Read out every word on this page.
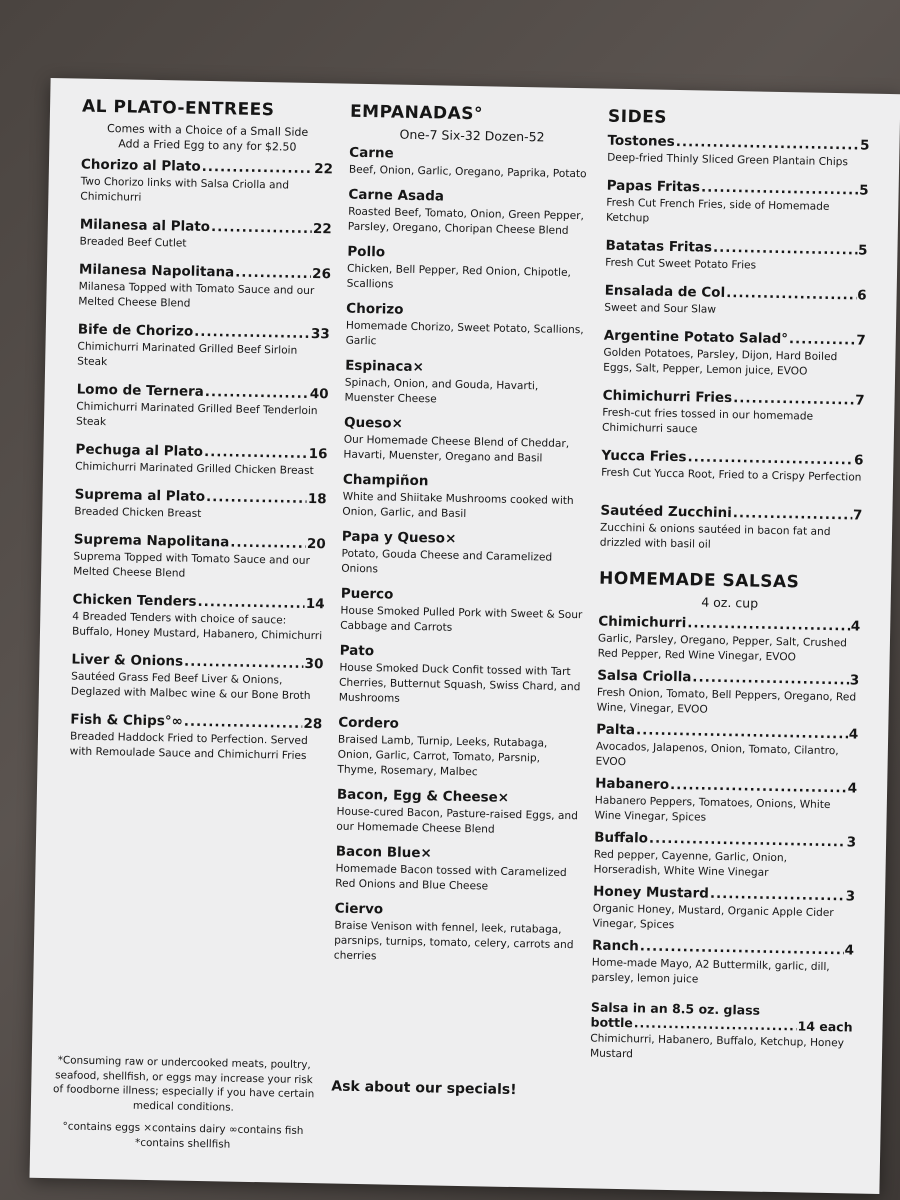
AL PLATO-ENTREES
Comes with a Choice of a Small Side
Add a Fried Egg to any for $2.50
Chorizo al Plato .....	22
Two Chorizo links with Salsa Criolla and Chimichurri
Milanesa al Plato .....	22
Breaded Beef Cutlet
Milanesa Napolitana .....	26
Milanesa Topped with Tomato Sauce and our Melted Cheese Blend
Bife de Chorizo .....	33
Chimichurri Marinated Grilled Beef Sirloin Steak
Lomo de Ternera .....	40
Chimichurri Marinated Grilled Beef Tenderloin Steak
Pechuga al Plato .....	16
Chimichurri Marinated Grilled Chicken Breast
Suprema al Plato .....	18
Breaded Chicken Breast
Suprema Napolitana .....	20
Suprema Topped with Tomato Sauce and our Melted Cheese Blend
Chicken Tenders .....	14
4 Breaded Tenders with choice of sauce: Buffalo, Honey Mustard, Habanero, Chimichurri
Liver & Onions .....	30
Sautéed Grass Fed Beef Liver & Onions, Deglazed with Malbec wine & our Bone Broth
Fish & Chips°∞ .....	28
Breaded Haddock Fried to Perfection. Served with Remoulade Sauce and Chimichurri Fries
EMPANADAS°
One-7 Six-32 Dozen-52
Carne
Beef, Onion, Garlic, Oregano, Paprika, Potato
Carne Asada
Roasted Beef, Tomato, Onion, Green Pepper, Parsley, Oregano, Choripan Cheese Blend
Pollo
Chicken, Bell Pepper, Red Onion, Chipotle, Scallions
Chorizo
Homemade Chorizo, Sweet Potato, Scallions, Garlic
Espinaca×
Spinach, Onion, and Gouda, Havarti, Muenster Cheese
Queso×
Our Homemade Cheese Blend of Cheddar, Havarti, Muenster, Oregano and Basil
Champiñon
White and Shiitake Mushrooms cooked with Onion, Garlic, and Basil
Papa y Queso×
Potato, Gouda Cheese and Caramelized Onions
Puerco
House Smoked Pulled Pork with Sweet & Sour Cabbage and Carrots
Pato
House Smoked Duck Confit tossed with Tart Cherries, Butternut Squash, Swiss Chard, and Mushrooms
Cordero
Braised Lamb, Turnip, Leeks, Rutabaga, Onion, Garlic, Carrot, Tomato, Parsnip, Thyme, Rosemary, Malbec
Bacon, Egg & Cheese×
House-cured Bacon, Pasture-raised Eggs, and our Homemade Cheese Blend
Bacon Blue×
Homemade Bacon tossed with Caramelized Red Onions and Blue Cheese
Ciervo
Braise Venison with fennel, leek, rutabaga, parsnips, turnips, tomato, celery, carrots and cherries
SIDES
Tostones .....	5
Deep-fried Thinly Sliced Green Plantain Chips
Papas Fritas .....	5
Fresh Cut French Fries, side of Homemade Ketchup
Batatas Fritas .....	5
Fresh Cut Sweet Potato Fries
Ensalada de Col .....	6
Sweet and Sour Slaw
Argentine Potato Salad° .....	7
Golden Potatoes, Parsley, Dijon, Hard Boiled Eggs, Salt, Pepper, Lemon juice, EVOO
Chimichurri Fries .....	7
Fresh-cut fries tossed in our homemade Chimichurri sauce
Yucca Fries .....	6
Fresh Cut Yucca Root, Fried to a Crispy Perfection
Sautéed Zucchini .....	7
Zucchini & onions sautéed in bacon fat and drizzled with basil oil
HOMEMADE SALSAS
4 oz. cup
Chimichurri .....	4
Garlic, Parsley, Oregano, Pepper, Salt, Crushed Red Pepper, Red Wine Vinegar, EVOO
Salsa Criolla .....	3
Fresh Onion, Tomato, Bell Peppers, Oregano, Red Wine, Vinegar, EVOO
Palta .....	4
Avocados, Jalapenos, Onion, Tomato, Cilantro, EVOO
Habanero .....	4
Habanero Peppers, Tomatoes, Onions, White Wine Vinegar, Spices
Buffalo .....	3
Red pepper, Cayenne, Garlic, Onion, Horseradish, White Wine Vinegar
Honey Mustard .....	3
Organic Honey, Mustard, Organic Apple Cider Vinegar, Spices
Ranch .....	4
Home-made Mayo, A2 Buttermilk, garlic, dill, parsley, lemon juice
Salsa in an 8.5 oz. glass
bottle .....	14 each
Chimichurri, Habanero, Buffalo, Ketchup, Honey Mustard
*Consuming raw or undercooked meats, poultry, seafood, shellfish, or eggs may increase your risk of foodborne illness; especially if you have certain medical conditions.
°contains eggs ×contains dairy ∞contains fish
*contains shellfish
Ask about our specials!
